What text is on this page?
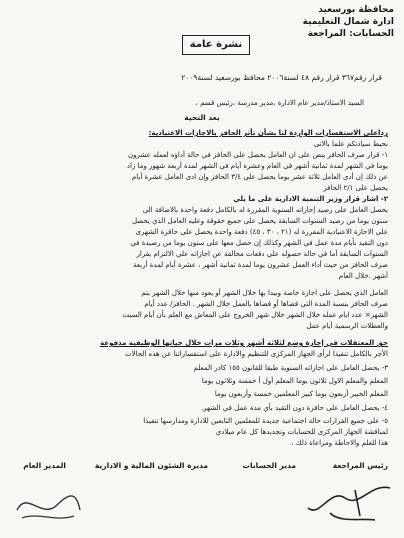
محافظة بورسعيد
ادارة شمال التعليمية
الحسابات: المراجعة
نشرة عامة
قرار رقم٣٦٧ قرار رقم ٤٨ لسنة٢٠٠٦ محافظ بورسعيد لسنة٢٠٠٩
السيد الاستاذ/مدير عام الادارة ،مدير مدرسة ،رئيس قسم ،
بعد التحية
رداعلى الاستفسارات الواردة لنا بشأن تأثر الحافز بالاجازات الاعتيادية:
نحيط سيادتكم علما بالاتى
١- قرار صرف الحافز ينص على ان العامل يحصل على الحافز في حالة أداؤه لعمله عشرون
يوما في الشهر لمدة ثمانية أشهر في العام وعشرة أيام في الشهر لمدة أربعة شهور وما زاد
عن ذلك إن أدى العامل ثلاثة عشر يوما يحصل على ٣/٤ الحافز وإن ادى العامل عشرة أيام
يحصل على ٢/١ الحافز
٢- اشار قرار وزير التنمية الادارية على ما يلي
يحصل العامل على رصيد إجازاته السنوية المقررة له بالكامل دفعة واحدة بالاضافة الى
ستون يوما من رصيد السنوات السابقة يحصل على جميع حقوقة وعليه العامل الذي يحصل
على الاجازة الاعتيادية المقررة له (٢١ ، ٣٠ ، ٤٥) دفعة واحدة يحصل على حافزة الشهرى
دون التقيد بأيام مدة عمل في الشهر وكذلك إن حصل معها على ستون يوما من رصيدة في
السنوات السابقة أما في حالة حصوله على دفعات مخالفة عن اجازاته على الالتزام بقرار
صرف الحافز من حيث أداء العمل عشرون يوما لمدة ثمانية أشهر ، عشرة أيام لمدة أربعة
أشهر .خلال العام
العامل الذي يحصل على اجازة خاصة وبيدا بها خلال الشهر أو يعود منها خلال الشهر يتم
صرف الحافز بنسبة المدة التي قضاها أو قضاها بالعمل خلال الشهر . الحافز/ عدد أيام
الشهر× عدد ايام عمله خلال الشهر خلال شهر الخروج على المعاش مع العلم بأن أيام السبت
والعطلات الرسمية أيام عمل
حق المعتقلات في إجازة وضع لثلاثة أشهر وثلاث مرات خلال حياتها الوظيفية مدفوعة
الأجر بالكامل تنفيذا لرأى الجهاز المركزى للتنظيم والادارة على استفساراتنا عن هذه الحالات
٣- يحصل العامل على اجازاته السنوية طبقا للقانون ١٥٥ كادر المعلم
المعلم والمعلم الاول ثلاثون يوما المعلم أول أ خمسة وثلاثون يوما
المعلم الخبير أربعون يوما كبير المعلمين خمسة وأربعون يوما
٤- يحصل العامل على حافزة دون التقيد بأي مدة عمل في الشهر.
٥- على جميع القرارات حالة اجتماعية جديدة للمعلمين التابعين للادارة ومدارسها تنفيذا
لمناقشة الجهاز المركزى للحسابات وتجديدها كل عام ميلادي
هذا للعلم والاحاطة ومراعاة ذلك .
رئيس المراجعة
مدير الحسابات
مديرة الشئون المالية و الادارية
المدير العام
